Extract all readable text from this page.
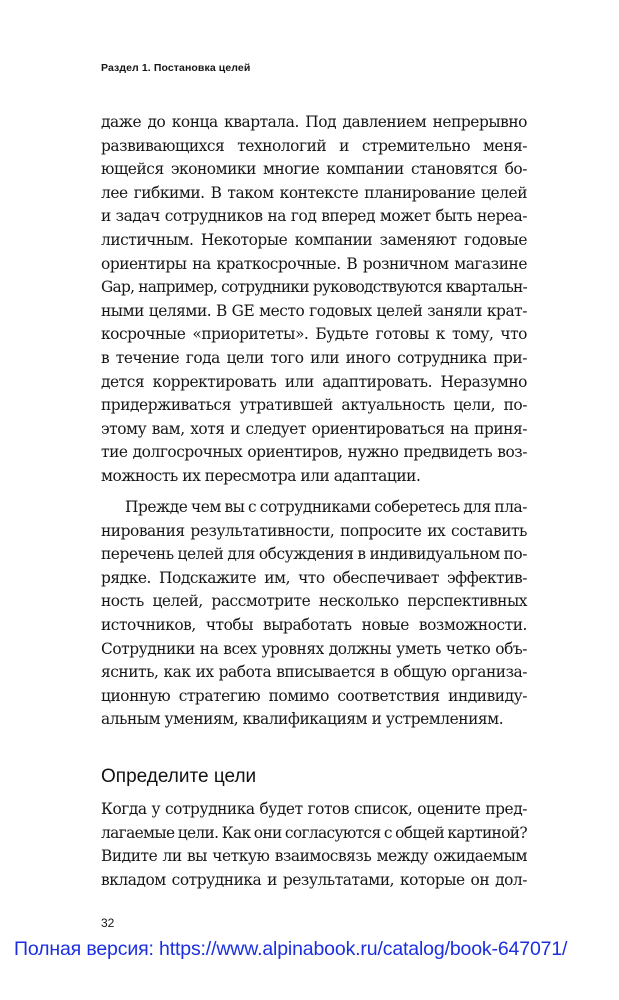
Раздел 1. Постановка целей
даже до конца квартала. Под давлением непрерывно
развивающихся технологий и стремительно меня-
ющейся экономики многие компании становятся бо-
лее гибкими. В таком контексте планирование целей
и задач сотрудников на год вперед может быть нереа-
листичным. Некоторые компании заменяют годовые
ориентиры на краткосрочные. В розничном магазине
Gap, например, сотрудники руководствуются квартальн-
ными целями. В GE место годовых целей заняли крат-
косрочные «приоритеты». Будьте готовы к тому, что
в течение года цели того или иного сотрудника при-
дется корректировать или адаптировать. Неразумно
придерживаться утратившей актуальность цели, по-
этому вам, хотя и следует ориентироваться на приня-
тие долгосрочных ориентиров, нужно предвидеть воз-
можность их пересмотра или адаптации.
Прежде чем вы с сотрудниками соберетесь для пла-
нирования результативности, попросите их составить
перечень целей для обсуждения в индивидуальном по-
рядке. Подскажите им, что обеспечивает эффектив-
ность целей, рассмотрите несколько перспективных
источников, чтобы выработать новые возможности.
Сотрудники на всех уровнях должны уметь четко объ-
яснить, как их работа вписывается в общую организа-
ционную стратегию помимо соответствия индивиду-
альным умениям, квалификациям и устремлениям.
Определите цели
Когда у сотрудника будет готов список, оцените пред-
лагаемые цели. Как они согласуются с общей картиной?
Видите ли вы четкую взаимосвязь между ожидаемым
вкладом сотрудника и результатами, которые он дол-
32
Полная версия: https://www.alpinabook.ru/catalog/book-647071/
